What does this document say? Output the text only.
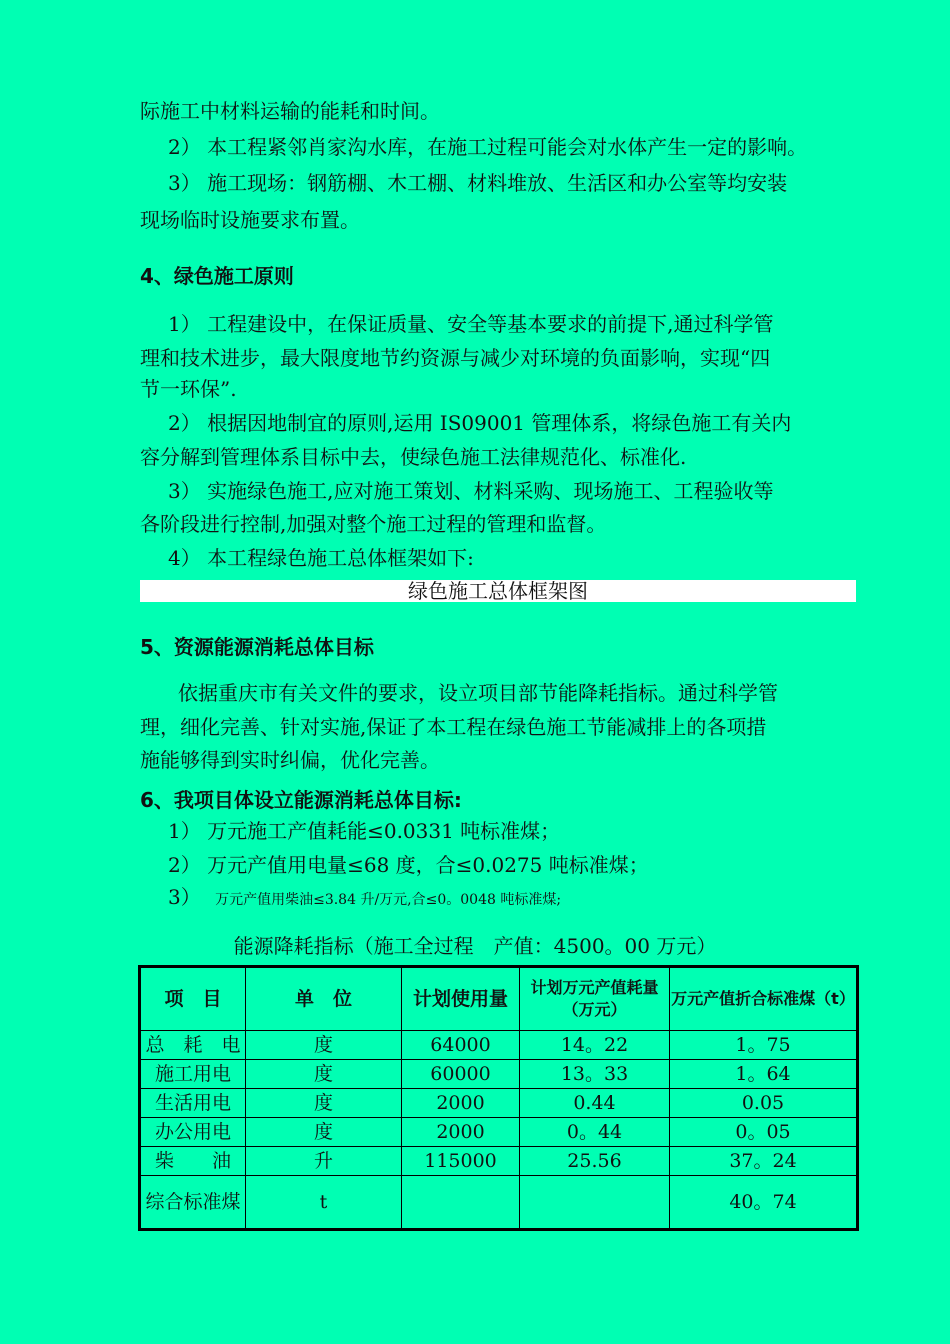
际施工中材料运输的能耗和时间。
2） 本工程紧邻肖家沟水库，在施工过程可能会对水体产生一定的影响。
3） 施工现场：钢筋棚、木工棚、材料堆放、生活区和办公室等均安装
现场临时设施要求布置。
4、绿色施工原则
1） 工程建设中，在保证质量、安全等基本要求的前提下,通过科学管
理和技术进步，最大限度地节约资源与减少对环境的负面影响，实现“四
节一环保”.
2） 根据因地制宜的原则,运用 IS09001 管理体系，将绿色施工有关内
容分解到管理体系目标中去，使绿色施工法律规范化、标准化.
3） 实施绿色施工,应对施工策划、材料采购、现场施工、工程验收等
各阶段进行控制,加强对整个施工过程的管理和监督。
4） 本工程绿色施工总体框架如下:
绿色施工总体框架图
5、资源能源消耗总体目标
依据重庆市有关文件的要求，设立项目部节能降耗指标。通过科学管
理，细化完善、针对实施,保证了本工程在绿色施工节能减排上的各项措
施能够得到实时纠偏，优化完善。
6、我项目体设立能源消耗总体目标:
1） 万元施工产值耗能≤0.0331 吨标准煤；
2） 万元产值用电量≤68 度，合≤0.0275 吨标准煤；
3） 万元产值用柴油≤3.84 升/万元,合≤0。0048 吨标准煤;
能源降耗指标（施工全过程　产值：4500。00 万元）
项　目	单　位	计划使用量	计划万元产值耗量（万元）	万元产值折合标准煤（t）
总　耗　电	度	64000	14。22	1。75
施工用电	度	60000	13。33	1。64
生活用电	度	2000	0.44	0.05
办公用电	度	2000	0。44	0。05
柴　　油	升	115000	25.56	37。24
综合标准煤	t			40。74
